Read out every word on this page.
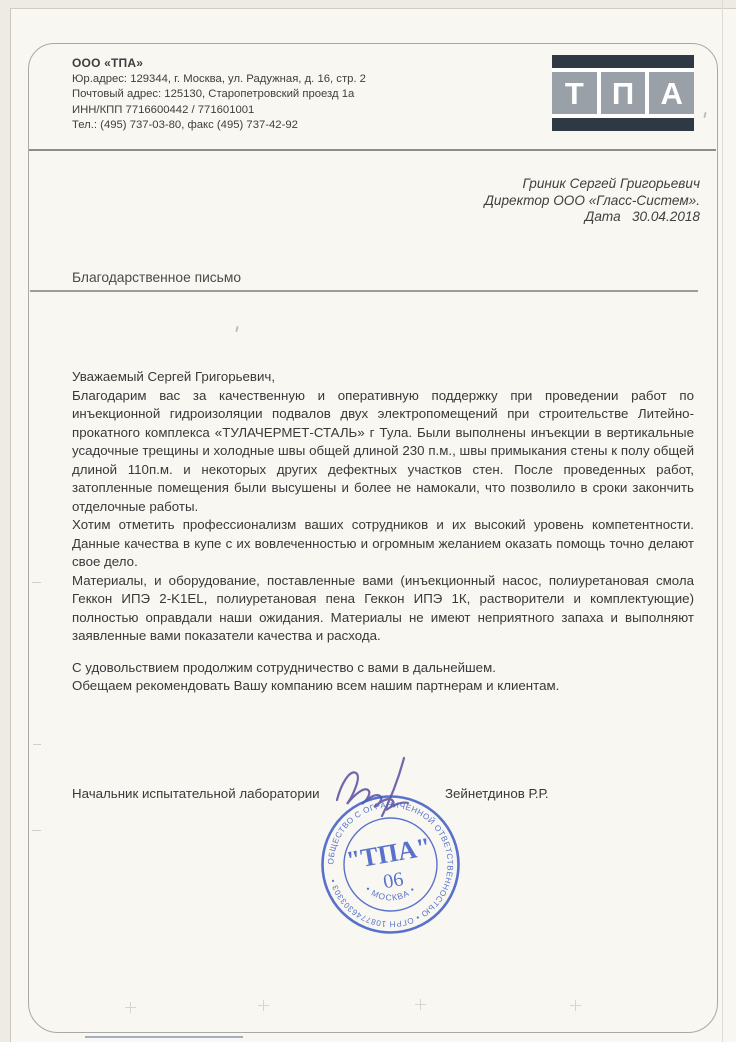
ООО «ТПА»
Юр.адрес: 129344, г. Москва, ул. Радужная, д. 16, стр. 2
Почтовый адрес: 125130, Старопетровский проезд 1а
ИНН/КПП 7716600442 / 771601001
Тел.: (495) 737-03-80, факс (495) 737-42-92
Т П А
Гриник Сергей Григорьевич
Директор ООО «Гласс-Систем».
Дата   30.04.2018
Благодарственное письмо

Уважаемый Сергей Григорьевич,

Благодарим вас за качественную и оперативную поддержку при проведении работ по инъекционной гидроизоляции подвалов двух электропомещений при строительстве Литейно-прокатного комплекса «ТУЛАЧЕРМЕТ-СТАЛЬ» г Тула. Были выполнены инъекции в вертикальные усадочные трещины и холодные швы общей длиной 230 п.м., швы примыкания стены к полу общей длиной 110п.м. и некоторых других дефектных участков стен. После проведенных работ, затопленные помещения были высушены и более не намокали, что позволило в сроки закончить отделочные работы.

Хотим отметить профессионализм ваших сотрудников и их высокий уровень компетентности. Данные качества в купе с их вовлеченностью и огромным желанием оказать помощь точно делают свое дело.

Материалы, и оборудование, поставленные вами (инъекционный насос, полиуретановая смола Геккон ИПЭ 2-K1EL, полиуретановая пена Геккон ИПЭ 1К, растворители и комплектующие) полностью оправдали наши ожидания. Материалы не имеют неприятного запаха и выполняют заявленные вами показатели качества и расхода.

С удовольствием продолжим сотрудничество с вами в дальнейшем.

Обещаем рекомендовать Вашу компанию всем нашим партнерам и клиентам.

Начальник испытательной лаборатории	Зейнетдинов Р.Р.
ОБЩЕСТВО С ОГРАНИЧЕННОЙ ОТВЕТСТВЕННОСТЬЮ • ОГРН 1087746303303 •
• МОСКВА •
"ТПА"
06
